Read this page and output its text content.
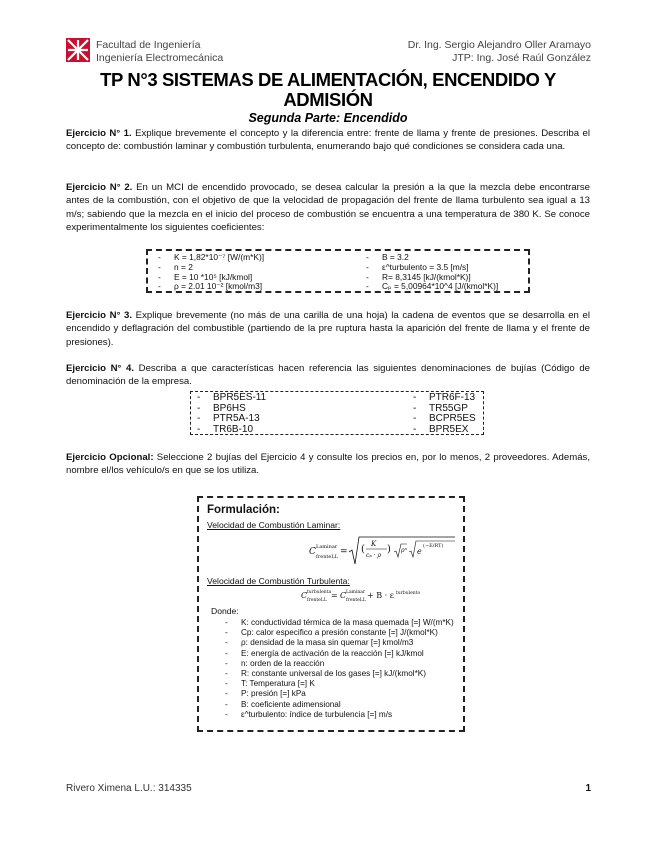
Facultad de Ingeniería
Ingeniería Electromecánica
Dr. Ing. Sergio Alejandro Oller Aramayo
JTP: Ing. José Raúl González
TP N°3 SISTEMAS DE ALIMENTACIÓN, ENCENDIDO Y ADMISIÓN
Segunda Parte: Encendido
Ejercicio N° 1. Explique brevemente el concepto y la diferencia entre: frente de llama y frente de presiones. Describa el concepto de: combustión laminar y combustión turbulenta, enumerando bajo qué condiciones se considera cada una.
Ejercicio N° 2. En un MCI de encendido provocado, se desea calcular la presión a la que la mezcla debe encontrarse antes de la combustión, con el objetivo de que la velocidad de propagación del frente de llama turbulento sea igual a 13 m/s; sabiendo que la mezcla en el inicio del proceso de combustión se encuentra a una temperatura de 380 K. Se conoce experimentalmente los siguientes coeficientes:
- K = 1,82*10⁻⁷ [W/(m*K)]
- n = 2
- E = 10 *10⁵ [kJ/kmol]
- ρ = 2.01 10⁻² [kmol/m3]
- B = 3.2
- ε^turbulento = 3.5 [m/s]
- R= 8,3145 [kJ/(kmol*K)]
- Cₚ = 5,00964*10^4 [J/(kmol*K)]
Ejercicio N° 3. Explique brevemente (no más de una carilla de una hoja) la cadena de eventos que se desarrolla en el encendido y deflagración del combustible (partiendo de la pre ruptura hasta la aparición del frente de llama y el frente de presiones).
Ejercicio N° 4. Describa a que características hacen referencia las siguientes denominaciones de bujías (Código de denominación de la empresa.
- BPR5ES-11
- BP6HS
- PTR5A-13
- TR6B-10
- PTR6F-13
- TR55GP
- BCPR5ES
- BPR5EX
Ejercicio Opcional: Seleccione 2 bujías del Ejercicio 4 y consulte los precios en, por lo menos, 2 proveedores. Además, nombre el/los vehículo/s en que se los utiliza.
Formulación:
Velocidad de Combustión Laminar:
C Laminar
frenteLL = ( K
cₚ · ρ
) ρⁿ e
(−E/RT)
Velocidad de Combustión Turbulenta:
C turbulenta
frenteLL
= C Laminar
frenteLL
+ B · ε turbulento
Donde:
- K: conductividad térmica de la masa quemada [=] W/(m*K)
- Cp: calor especifico a presión constante [=] J/(kmol*K)
- ρ: densidad de la masa sin quemar [=] kmol/m3
- E: energía de activación de la reacción [=] kJ/kmol
- n: orden de la reacción
- R: constante universal de los gases [=] kJ/(kmol*K)
- T: Temperatura [=] K
- P: presión [=] kPa
- B: coeficiente adimensional
- ε^turbulento: índice de turbulencia [=] m/s
Rivero Ximena L.U.: 314335	1
